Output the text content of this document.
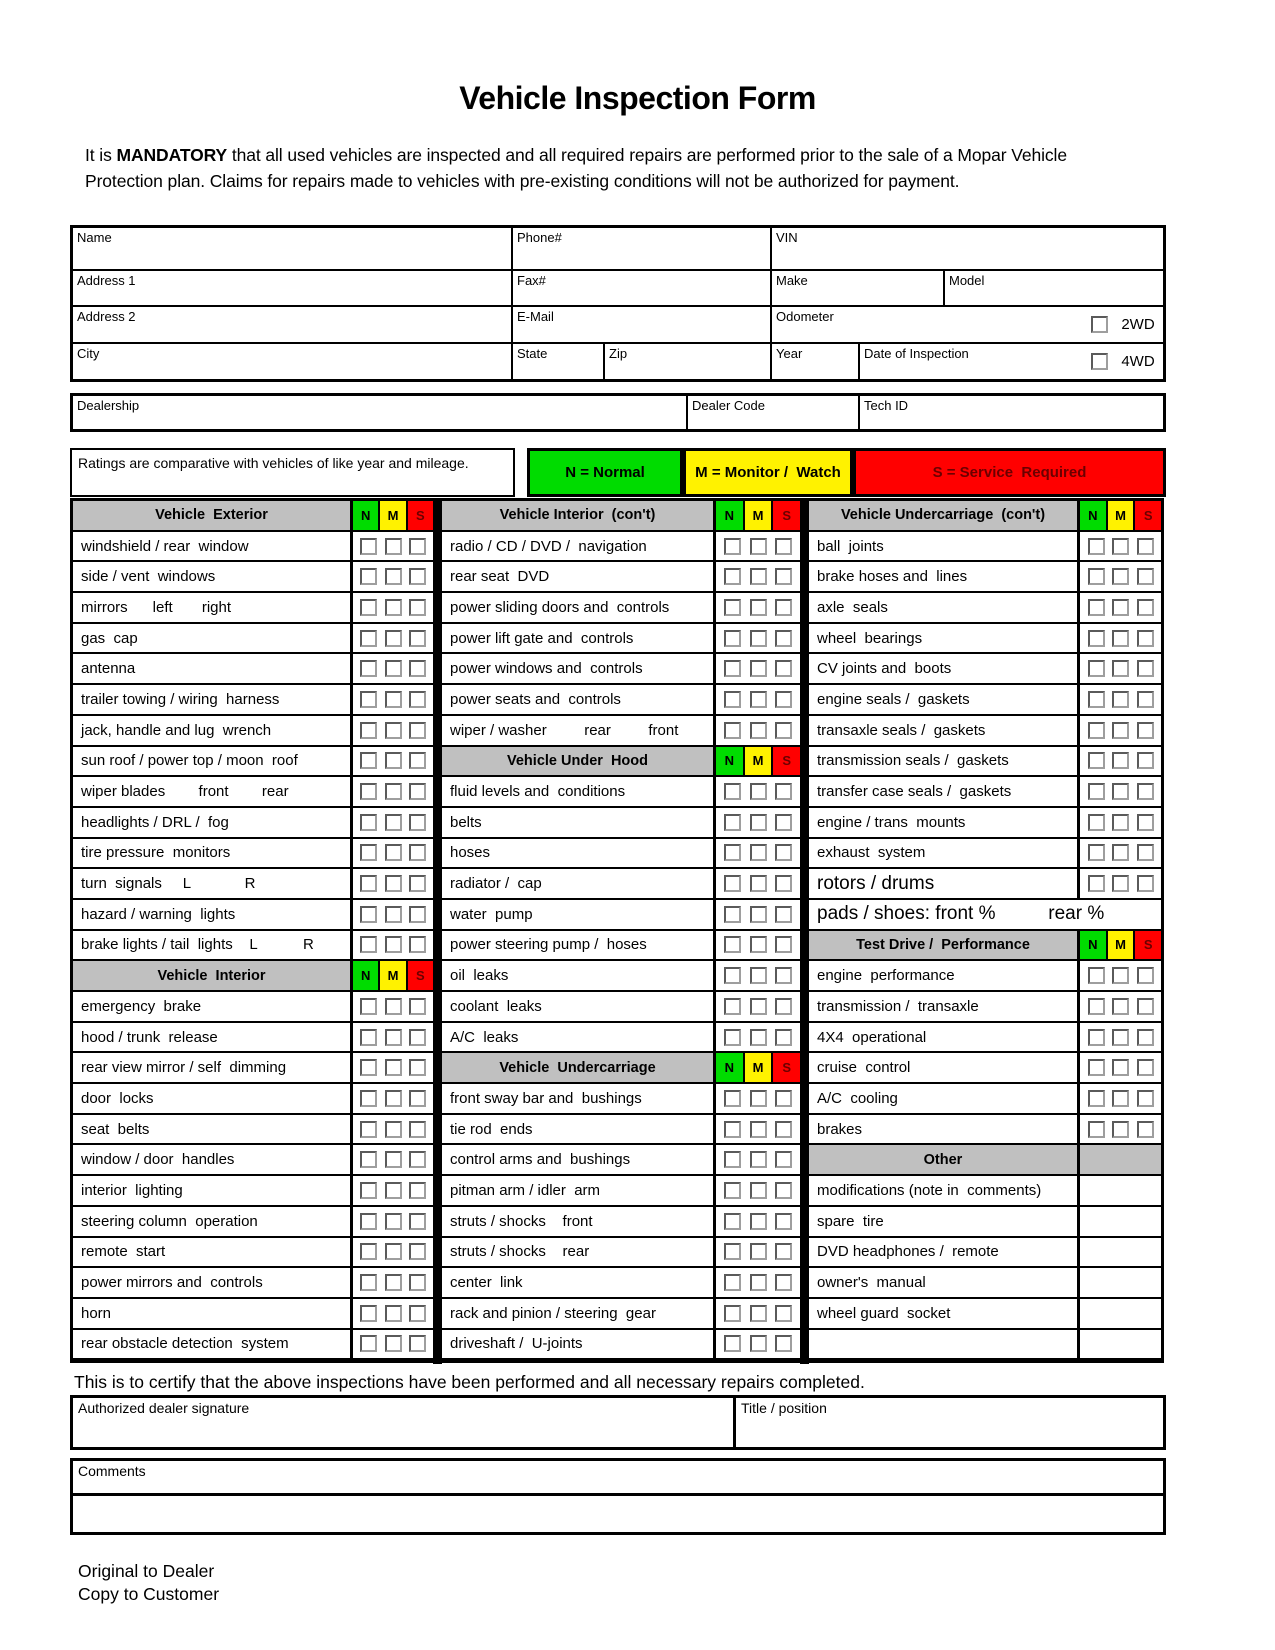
Vehicle Inspection Form

It is MANDATORY that all used vehicles are inspected and all required repairs are performed prior to the sale of a Mopar Vehicle Protection plan. Claims for repairs made to vehicles with pre-existing conditions will not be authorized for payment.

Name	Phone#	VIN
Address 1	Fax#	Make	Model
Address 2	E-Mail	Odometer	2WD
City	State	Zip	Year	Date of Inspection	4WD
Dealership	Dealer Code	Tech ID
Ratings are comparative with vehicles of like year and mileage.
N = Normal	M = Monitor /  Watch	S = Service  Required
Vehicle  Exterior	N M S
windshield / rear  window
side / vent  windows
mirrors      left       right
gas  cap
antenna
trailer towing / wiring  harness
jack, handle and lug  wrench
sun roof / power top / moon  roof
wiper blades        front        rear
headlights / DRL /  fog
tire pressure  monitors
turn  signals     L             R
hazard / warning  lights
brake lights / tail  lights    L           R
Vehicle  Interior	N M S
emergency  brake
hood / trunk  release
rear view mirror / self  dimming
door  locks
seat  belts
window / door  handles
interior  lighting
steering column  operation
remote  start
power mirrors and  controls
horn
rear obstacle detection  system
Vehicle Interior  (con't)	N M S
radio / CD / DVD /  navigation
rear seat  DVD
power sliding doors and  controls
power lift gate and  controls
power windows and  controls
power seats and  controls
wiper / washer         rear         front
Vehicle Under  Hood	N M S
fluid levels and  conditions
belts
hoses
radiator /  cap
water  pump
power steering pump /  hoses
oil  leaks
coolant  leaks
A/C  leaks
Vehicle  Undercarriage	N M S
front sway bar and  bushings
tie rod  ends
control arms and  bushings
pitman arm / idler  arm
struts / shocks    front
struts / shocks    rear
center  link
rack and pinion / steering  gear
driveshaft /  U-joints
Vehicle Undercarriage  (con't)	N M S
ball  joints
brake hoses and  lines
axle  seals
wheel  bearings
CV joints and  boots
engine seals /  gaskets
transaxle seals /  gaskets
transmission seals /  gaskets
transfer case seals /  gaskets
engine / trans  mounts
exhaust  system
rotors / drums
pads / shoes: front %          rear %
Test Drive /  Performance	N M S
engine  performance
transmission /  transaxle
4X4  operational
cruise  control
A/C  cooling
brakes
Other
modifications (note in  comments)
spare  tire
DVD headphones /  remote
owner's  manual
wheel guard  socket

This is to certify that the above inspections have been performed and all necessary repairs completed.

Authorized dealer signature	Title / position
Comments
Original to Dealer
Copy to Customer
